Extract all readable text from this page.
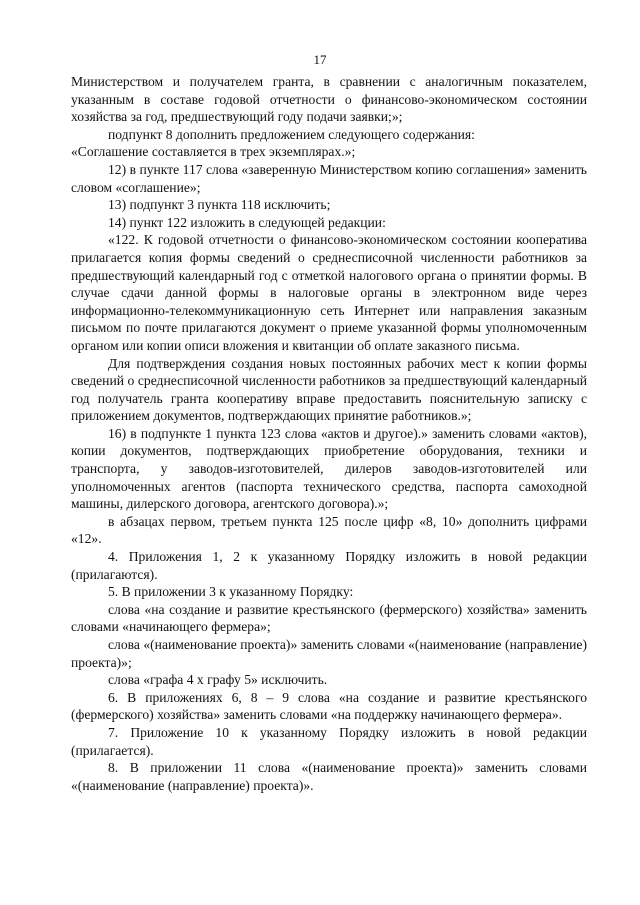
17

Министерством и получателем гранта, в сравнении с аналогичным показателем, указанным в составе годовой отчетности о финансово-экономическом состоянии хозяйства за год, предшествующий году подачи заявки;»;

подпункт 8 дополнить предложением следующего содержания:

«Соглашение составляется в трех экземплярах.»;

12) в пункте 117 слова «заверенную Министерством копию соглашения» заменить словом «соглашение»;

13) подпункт 3 пункта 118 исключить;

14) пункт 122 изложить в следующей редакции:

«122. К годовой отчетности о финансово-экономическом состоянии кооператива прилагается копия формы сведений о среднесписочной численности работников за предшествующий календарный год с отметкой налогового органа о принятии формы. В случае сдачи данной формы в налоговые органы в электронном виде через информационно-телекоммуникационную сеть Интернет или направления заказным письмом по почте прилагаются документ о приеме указанной формы уполномоченным органом или копии описи вложения и квитанции об оплате заказного письма.

Для подтверждения создания новых постоянных рабочих мест к копии формы сведений о среднесписочной численности работников за предшествующий календарный год получатель гранта кооперативу вправе предоставить пояснительную записку с приложением документов, подтверждающих принятие работников.»;

16) в подпункте 1 пункта 123 слова «актов и другое).» заменить словами «актов), копии документов, подтверждающих приобретение оборудования, техники и транспорта, у заводов-изготовителей, дилеров заводов-изготовителей или уполномоченных агентов (паспорта технического средства, паспорта самоходной машины, дилерского договора, агентского договора).»;

в абзацах первом, третьем пункта 125 после цифр «8, 10» дополнить цифрами «12».

4. Приложения 1, 2 к указанному Порядку изложить в новой редакции (прилагаются).

5. В приложении 3 к указанному Порядку:

слова «на создание и развитие крестьянского (фермерского) хозяйства» заменить словами «начинающего фермера»;

слова «(наименование проекта)» заменить словами «(наименование (направление) проекта)»;

слова «графа 4 х графу 5» исключить.

6. В приложениях 6, 8 – 9 слова «на создание и развитие крестьянского (фермерского) хозяйства» заменить словами «на поддержку начинающего фермера».

7. Приложение 10 к указанному Порядку изложить в новой редакции (прилагается).

8. В приложении 11 слова «(наименование проекта)» заменить словами «(наименование (направление) проекта)».
